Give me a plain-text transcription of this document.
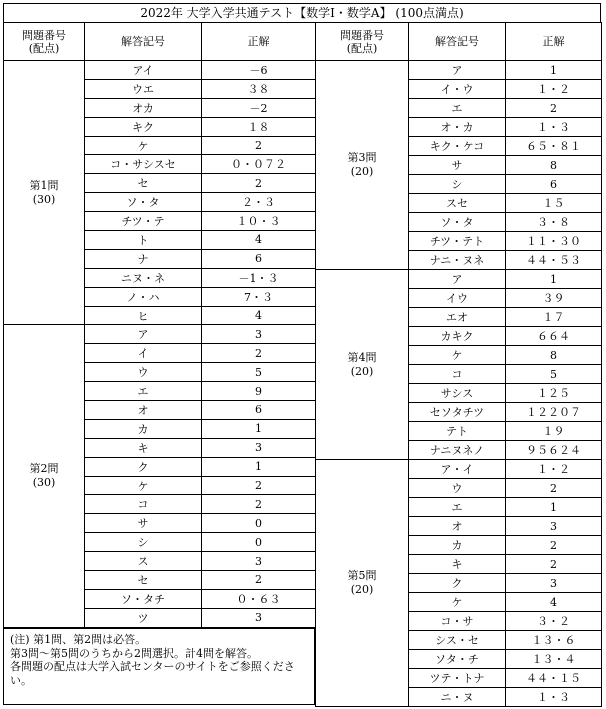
2022年 大学入学共通テスト【数学Ⅰ・数学A】 (100点満点)
問題番号
(配点)	解答記号	正解

第1問
(30)	アイ	－6
	ウエ	３８
	オカ	－2
	キク	１８
	ケ	2
	コ・サシスセ	０・０７２
	セ	2
	ソ・タ	２・３
	チツ・テ	１０・３
	ト	4
	ナ	6
	ニヌ・ネ	－1・３
	ノ・ハ	7・３
	ヒ	4

第2問
(30)	ア	3
	イ	2
	ウ	5
	エ	9
	オ	6
	カ	1
	キ	3
	ク	1
	ケ	2
	コ	2
	サ	0
	シ	0
	ス	3
	セ	2
	ソ・タチ	０・６３
	ツ	3
問題番号
(配点)	解答記号	正解

第3問
(20)	ア	1
	イ・ウ	１・２
	エ	2
	オ・カ	１・３
	キク・ケコ	６５・８１
	サ	8
	シ	6
	スセ	１５
	ソ・タ	３・８
	チツ・テト	１１・３０
	ナニ・ヌネ	４４・５３

第4問
(20)	ア	1
	イウ	３９
	エオ	１７
	カキク	６６４
	ケ	8
	コ	5
	サシス	１２５
	セソタチツ	１２２０７
	テト	１９
	ナニヌネノ	９５６２４

第5問
(20)	ア・イ	１・２
	ウ	2
	エ	1
	オ	3
	カ	2
	キ	2
	ク	3
	ケ	4
	コ・サ	３・２
	シス・セ	１３・６
	ソタ・チ	１３・４
	ツテ・トナ	４４・１５
	ニ・ヌ	１・３
(注) 第1問、第2問は必答。
第3問～第5問のうちから2問選択。計4問を解答。
各問題の配点は大学入試センターのサイトをご参照ください。
